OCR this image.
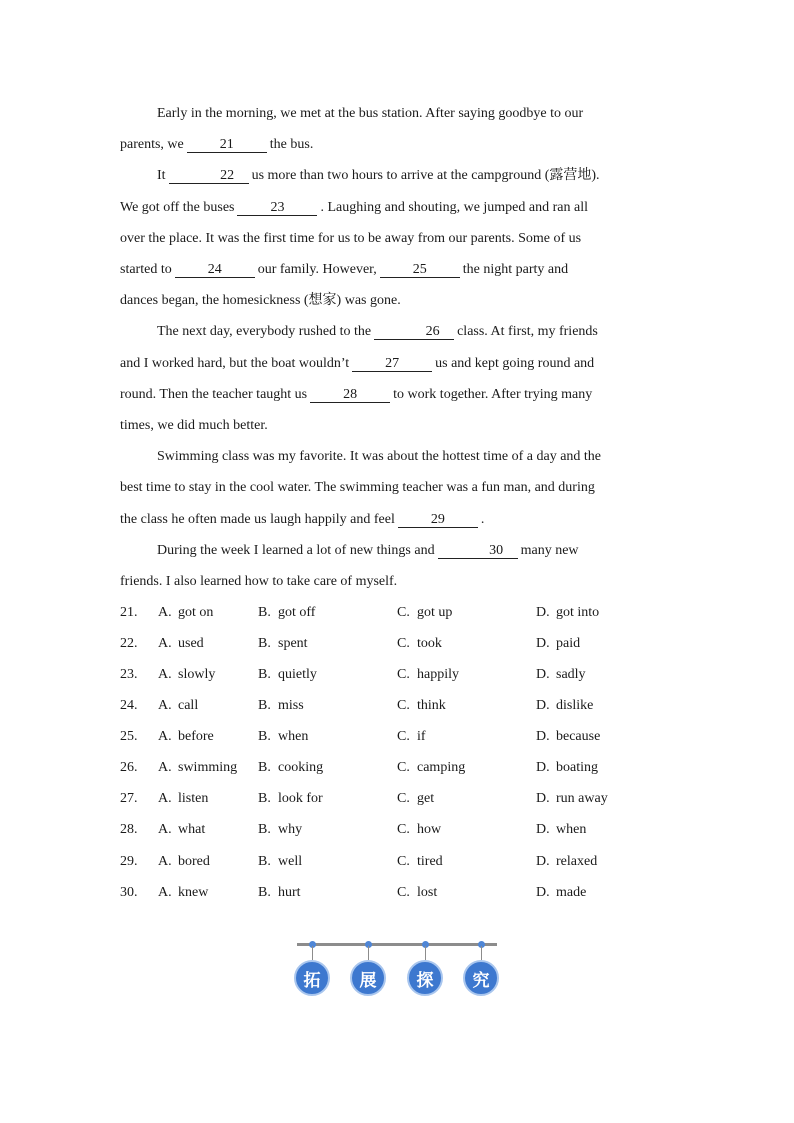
Early in the morning, we met at the bus station. After saying goodbye to our
parents, we	21	the bus.

It	22 us more than two hours to arrive at the campground (露营地).
We got off the buses	23	. Laughing and shouting, we jumped and ran all
over the place. It was the first time for us to be away from our parents. Some of us
started to	24	our family. However,	25	the night party and
dances began, the homesickness (想家) was gone.

The next day, everybody rushed to the	26 class. At first, my friends
and I worked hard, but the boat wouldn’t	27	us and kept going round and
round. Then the teacher taught us	28	to work together. After trying many
times, we did much better.

Swimming class was my favorite. It was about the hottest time of a day and the
best time to stay in the cool water. The swimming teacher was a fun man, and during
the class he often made us laugh happily and feel	29	.

During the week I learned a lot of new things and	30 many new
friends. I also learned how to take care of myself.

21.	A. got on	B. got off	C. got up	D. got into
22.	A. used	B. spent	C. took	D. paid
23.	A. slowly	B. quietly	C. happily	D. sadly
24.	A. call	B. miss	C. think	D. dislike
25.	A. before	B. when	C. if	D. because
26.	A. swimming B. cooking	C. camping	D. boating
27.	A. listen	B. look for	C. get	D. run away
28.	A. what	B. why	C. how	D. when
29.	A. bored	B. well	C. tired	D. relaxed
30.	A. knew	B. hurt	C. lost	D. made
拓	展	探	究
